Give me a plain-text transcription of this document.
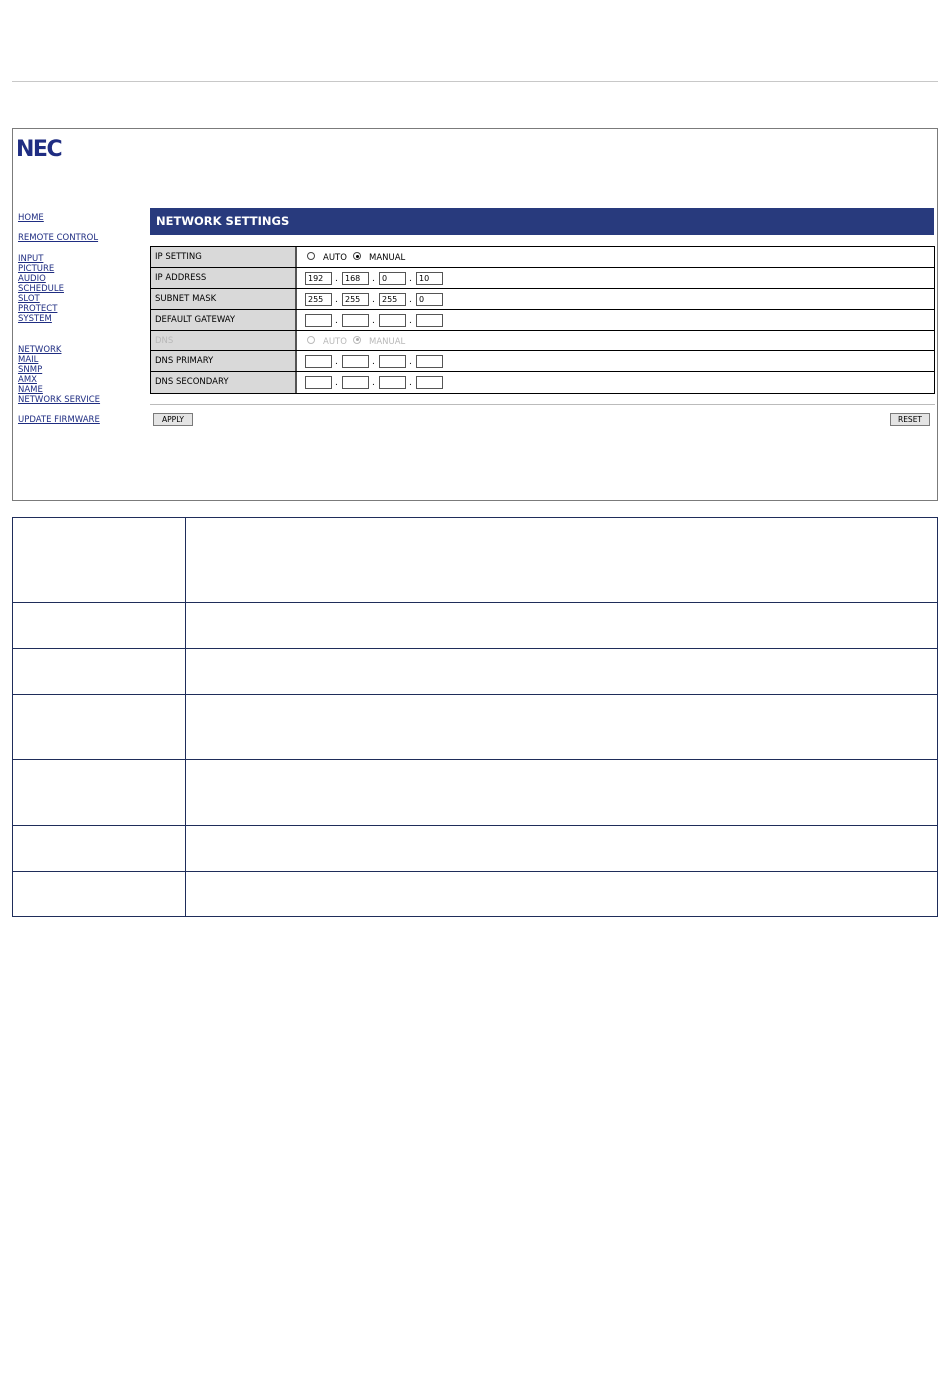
NEC
HOME
REMOTE CONTROL
INPUT
PICTURE
AUDIO
SCHEDULE
SLOT
PROTECT
SYSTEM
NETWORK
MAIL
SNMP
AMX
NAME
NETWORK SERVICE
UPDATE FIRMWARE
NETWORK SETTINGS
IP SETTING	AUTO	MANUAL
IP ADDRESS	192	. 168	. 0	. 10
SUBNET MASK	255	. 255	. 255	. 0
DEFAULT GATEWAY	.	.	.
DNS	AUTO	MANUAL
DNS PRIMARY	.	.	.
DNS SECONDARY	.	.	.
APPLY	RESET
